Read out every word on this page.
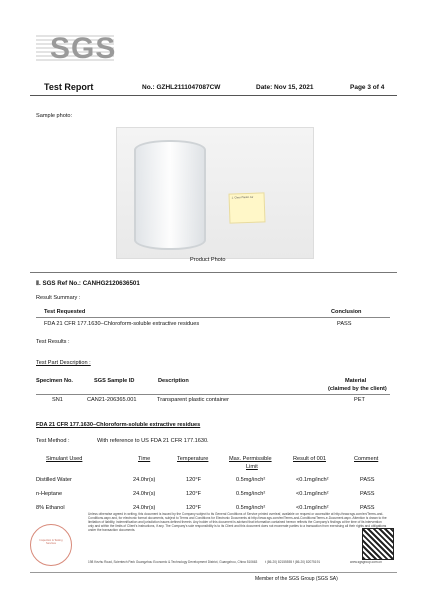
SGS
Test Report	No.: GZHL2111047087CW	Date: Nov 15, 2021	Page 3 of 4
Sample photo:
1. Clear Plastic Jar
Product Photo
Ⅱ. SGS Ref No.: CANHG2120636501
Result Summary :
Test Requested	Conclusion
FDA 21 CFR 177.1630–Chloroform-soluble extractive residues	PASS
Test Results :
Test Part Description :
Specimen No.	SGS Sample ID	Description	Material
(claimed by the client)
SN1	CAN21-206365.001	Transparent plastic container	PET
FDA 21 CFR 177.1630–Chloroform-soluble extractive residues
Test Method :	With reference to US FDA 21 CFR 177.1630.
Simulant Used	Time	Temperature	Max. Permissible
Limit
Result of 001	Comment
Distilled Water	24.0hr(s)	120°F	0.5mg/inch²	<0.1mg/inch²	PASS
n-Heptane	24.0hr(s)	120°F	0.5mg/inch²	<0.1mg/inch²	PASS
8% Ethanol	24.0hr(s)	120°F	0.5mg/inch²	<0.1mg/inch²	PASS
Inspection & Testing Services
Unless otherwise agreed in writing, this document is issued by the Company subject to its General Conditions of Service printed overleaf, available on request or accessible at http://www.sgs.com/en/Terms-and-Conditions.aspx and, for electronic format documents, subject to Terms and Conditions for Electronic Documents at http://www.sgs.com/en/Terms-and-Conditions/Terms-e-Document.aspx. Attention is drawn to the limitation of liability, indemnification and jurisdiction issues defined therein. Any holder of this document is advised that information contained hereon reflects the Company's findings at the time of its intervention only and within the limits of Client's instructions, if any. The Company's sole responsibility is to its Client and this document does not exonerate parties to a transaction from exercising all their rights and obligations under the transaction documents.
198 Kezhu Road, Scientech Park Guangzhou Economic & Technology Development District, Guangzhou, China 510663 t (86-20) 82155555 f (86-20) 82075191	www.sgsgroup.com.cn
Member of the SGS Group (SGS SA)
